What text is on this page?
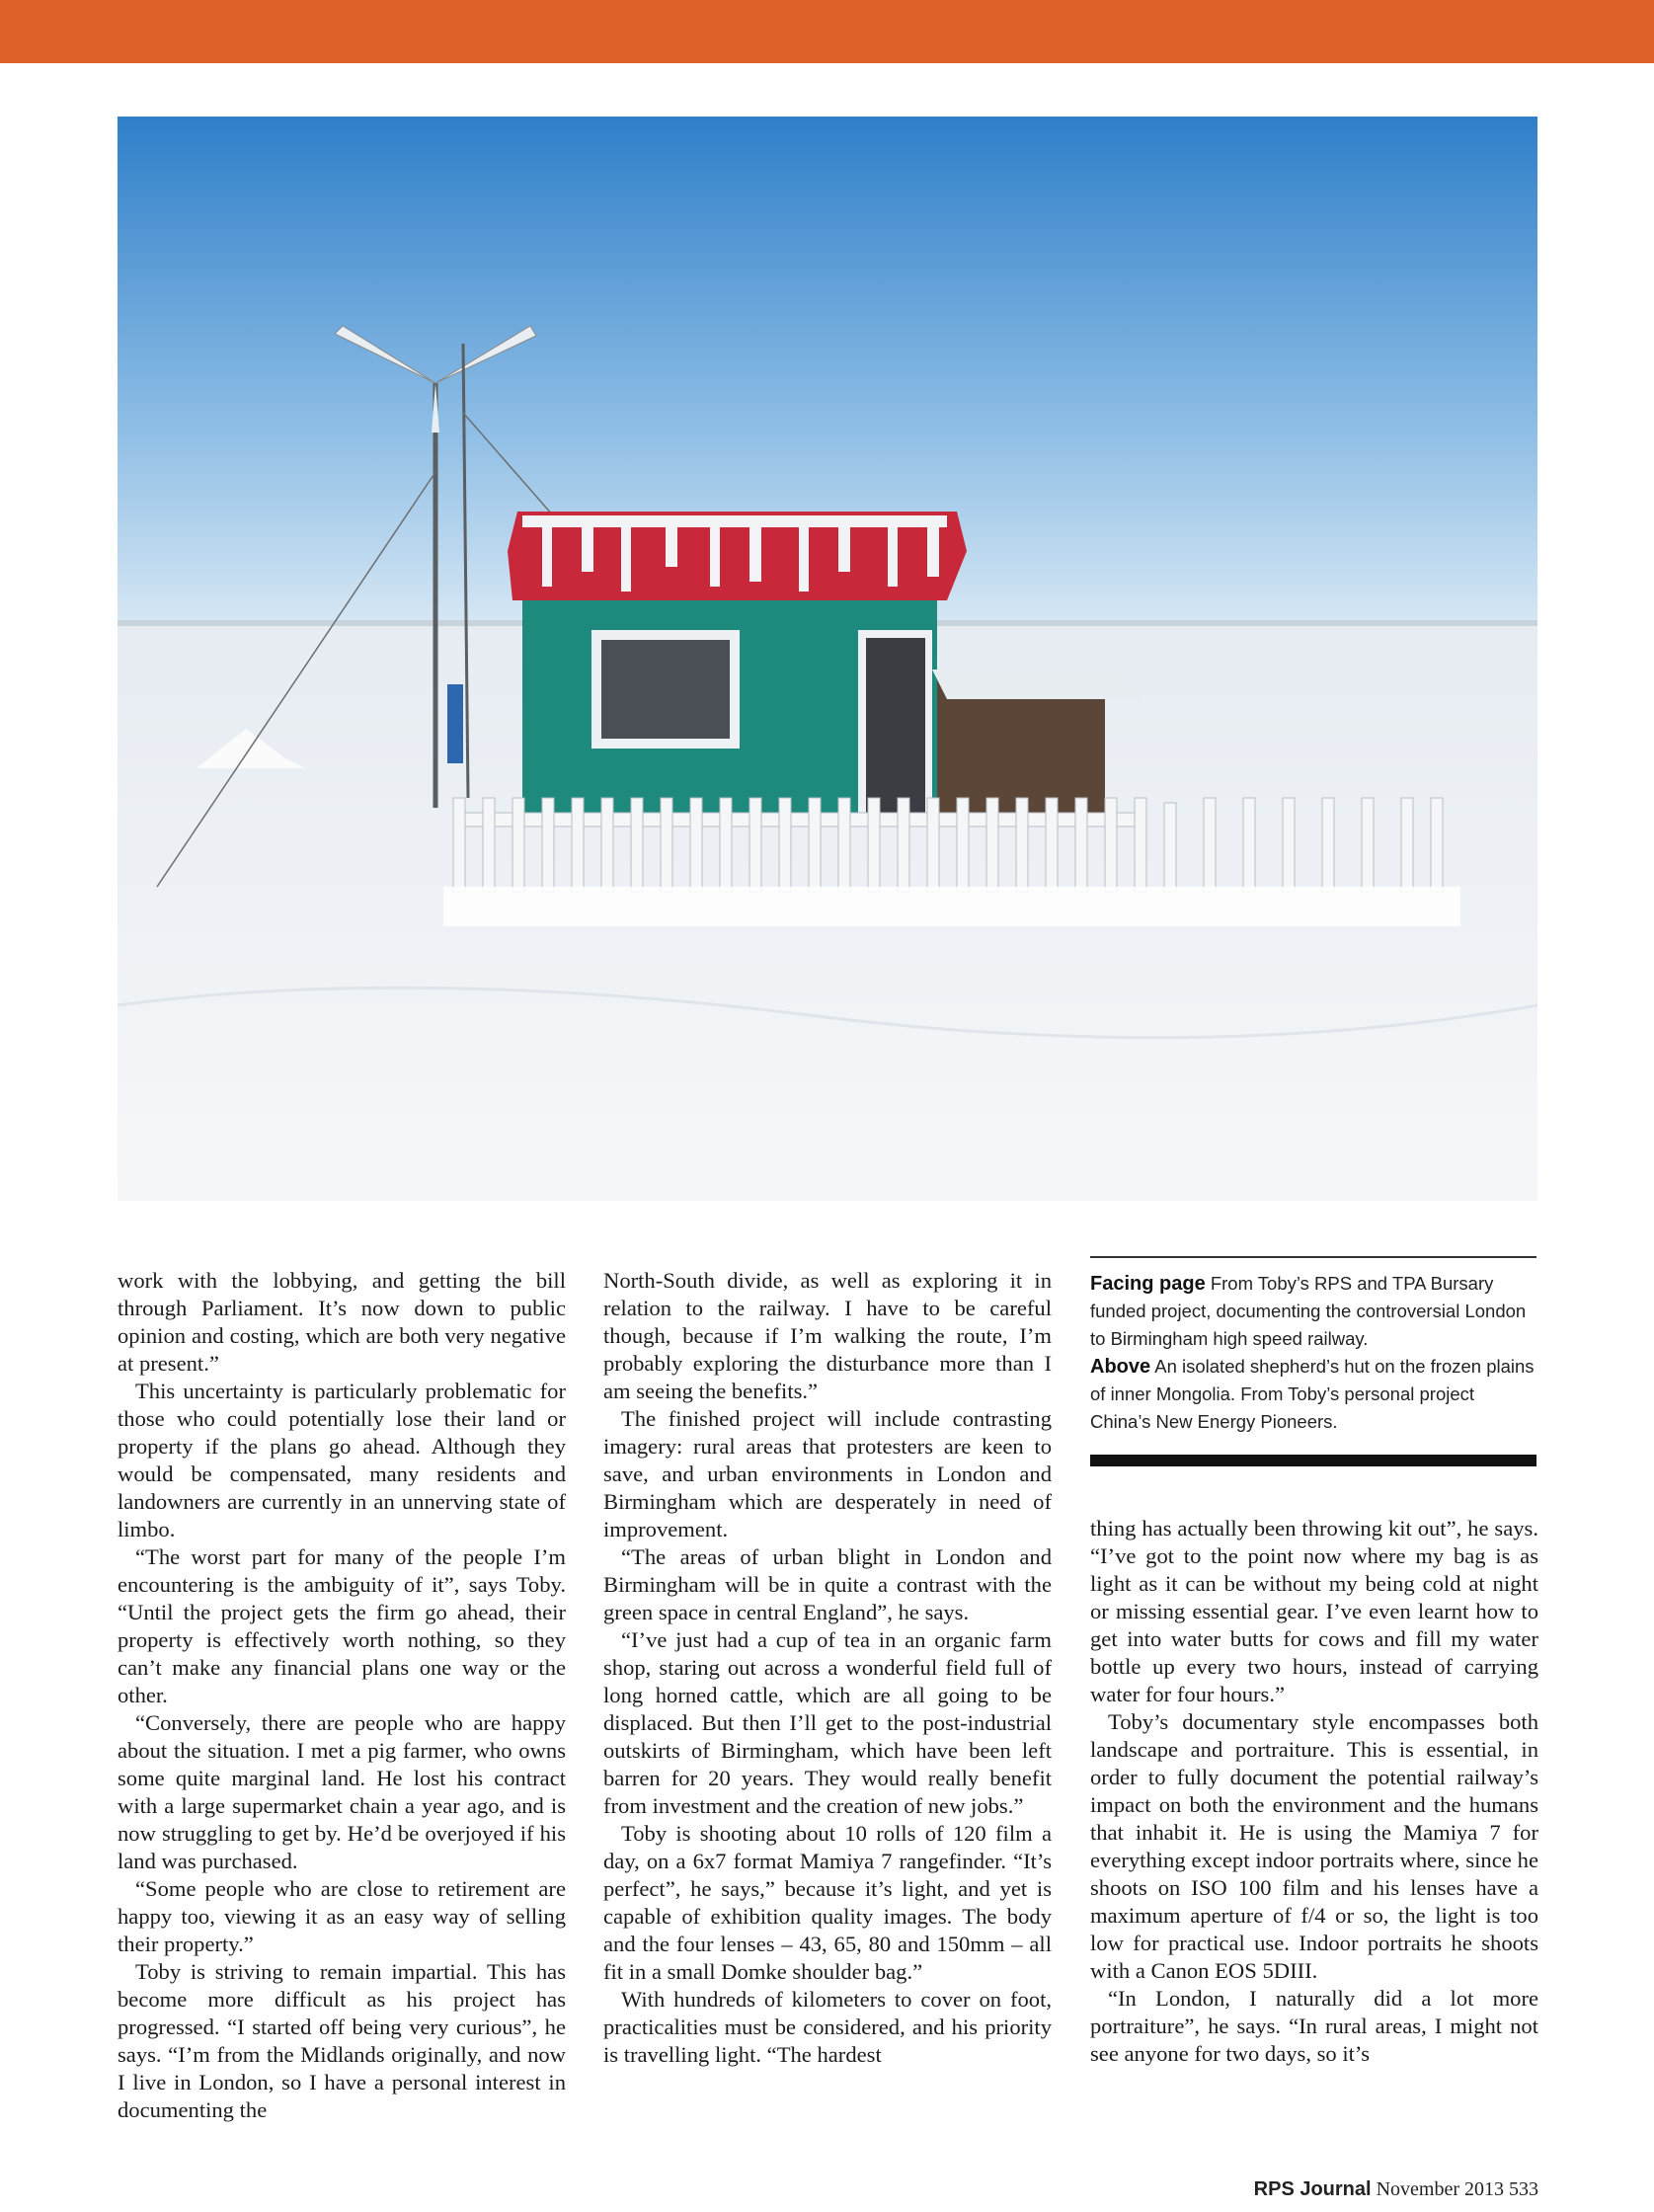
work with the lobbying, and getting the bill through Parliament. It’s now down to public opinion and costing, which are both very negative at present.”

This uncertainty is particularly problematic for those who could potentially lose their land or property if the plans go ahead. Although they would be compensated, many residents and landowners are currently in an unnerving state of limbo.

“The worst part for many of the people I’m encountering is the ambiguity of it”, says Toby. “Until the project gets the firm go ahead, their property is effectively worth nothing, so they can’t make any financial plans one way or the other.

“Conversely, there are people who are happy about the situation. I met a pig farmer, who owns some quite marginal land. He lost his contract with a large supermarket chain a year ago, and is now struggling to get by. He’d be overjoyed if his land was purchased.

“Some people who are close to retirement are happy too, viewing it as an easy way of selling their property.”

Toby is striving to remain impartial. This has become more difficult as his project has progressed. “I started off being very curious”, he says. “I’m from the Midlands originally, and now I live in London, so I have a personal interest in documenting the

North-South divide, as well as exploring it in relation to the railway. I have to be careful though, because if I’m walking the route, I’m probably exploring the disturbance more than I am seeing the benefits.”

The finished project will include contrasting imagery: rural areas that protesters are keen to save, and urban environments in London and Birmingham which are desperately in need of improvement.

“The areas of urban blight in London and Birmingham will be in quite a contrast with the green space in central England”, he says.

“I’ve just had a cup of tea in an organic farm shop, staring out across a wonderful field full of long horned cattle, which are all going to be displaced. But then I’ll get to the post-industrial outskirts of Birmingham, which have been left barren for 20 years. They would really benefit from investment and the creation of new jobs.”

Toby is shooting about 10 rolls of 120 film a day, on a 6x7 format Mamiya 7 rangefinder. “It’s perfect”, he says,” because it’s light, and yet is capable of exhibition quality images. The body and the four lenses – 43, 65, 80 and 150mm – all fit in a small Domke shoulder bag.”

With hundreds of kilometers to cover on foot, practicalities must be considered, and his priority is travelling light. “The hardest

Facing page From Toby’s RPS and TPA Bursary funded project, documenting the controversial London to Birmingham high speed railway.

Above An isolated shepherd’s hut on the frozen plains of inner Mongolia. From Toby’s personal project China’s New Energy Pioneers.

thing has actually been throwing kit out”, he says. “I’ve got to the point now where my bag is as light as it can be without my being cold at night or missing essential gear. I’ve even learnt how to get into water butts for cows and fill my water bottle up every two hours, instead of carrying water for four hours.”

Toby’s documentary style encompasses both landscape and portraiture. This is essential, in order to fully document the potential railway’s impact on both the environment and the humans that inhabit it. He is using the Mamiya 7 for everything except indoor portraits where, since he shoots on ISO 100 film and his lenses have a maximum aperture of f/4 or so, the light is too low for practical use. Indoor portraits he shoots with a Canon EOS 5DIII.

“In London, I naturally did a lot more portraiture”, he says. “In rural areas, I might not see anyone for two days, so it’s

RPS Journal November 2013 533
